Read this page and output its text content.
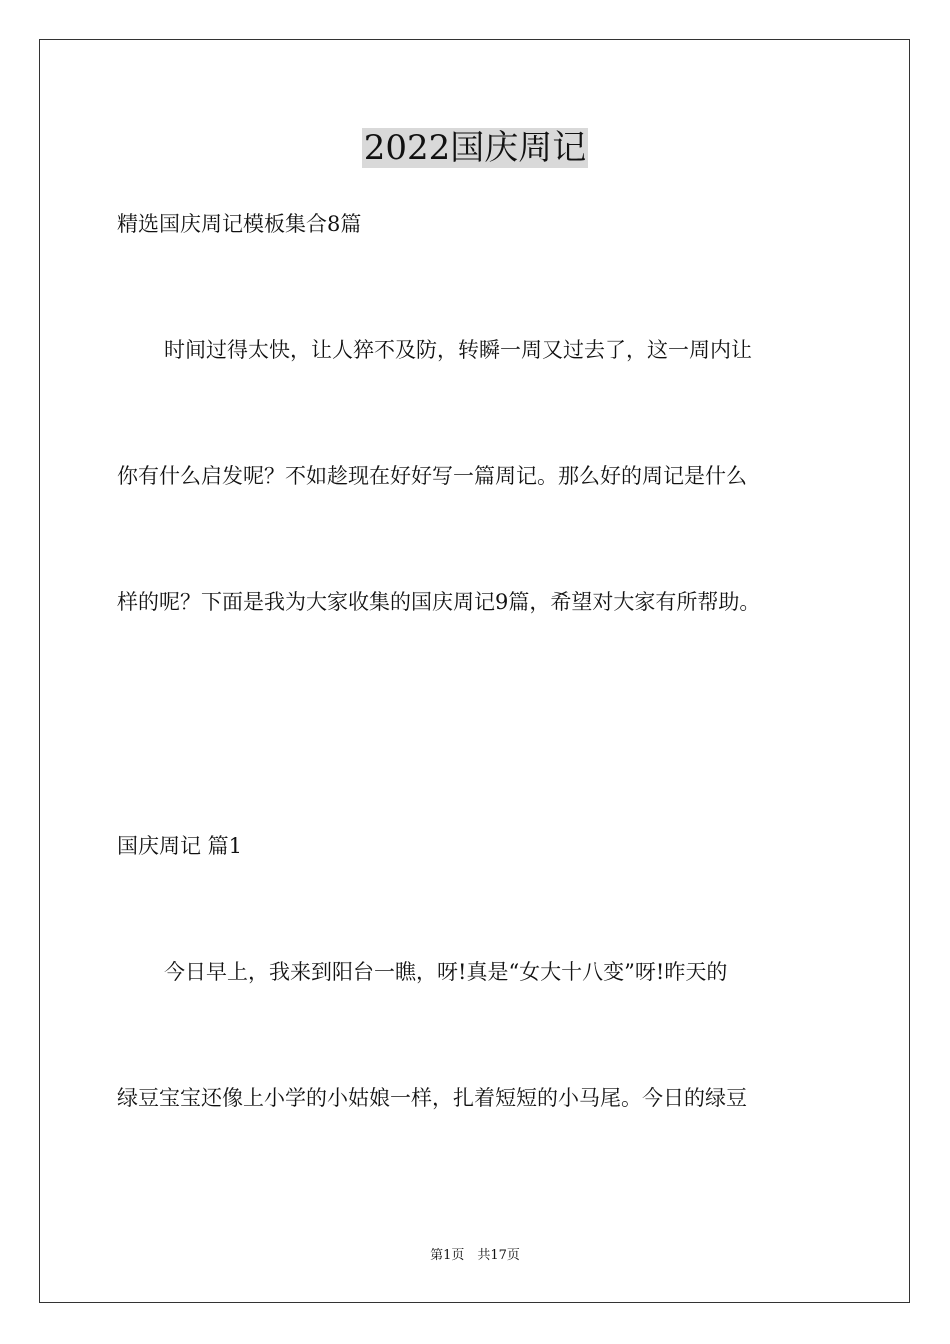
2022国庆周记
精选国庆周记模板集合8篇
时间过得太快，让人猝不及防，转瞬一周又过去了，这一周内让
你有什么启发呢？不如趁现在好好写一篇周记。那么好的周记是什么
样的呢？下面是我为大家收集的国庆周记9篇，希望对大家有所帮助。
国庆周记 篇1
今日早上，我来到阳台一瞧，呀!真是“女大十八变”呀!昨天的
绿豆宝宝还像上小学的小姑娘一样，扎着短短的小马尾。今日的绿豆
第1页　共17页
